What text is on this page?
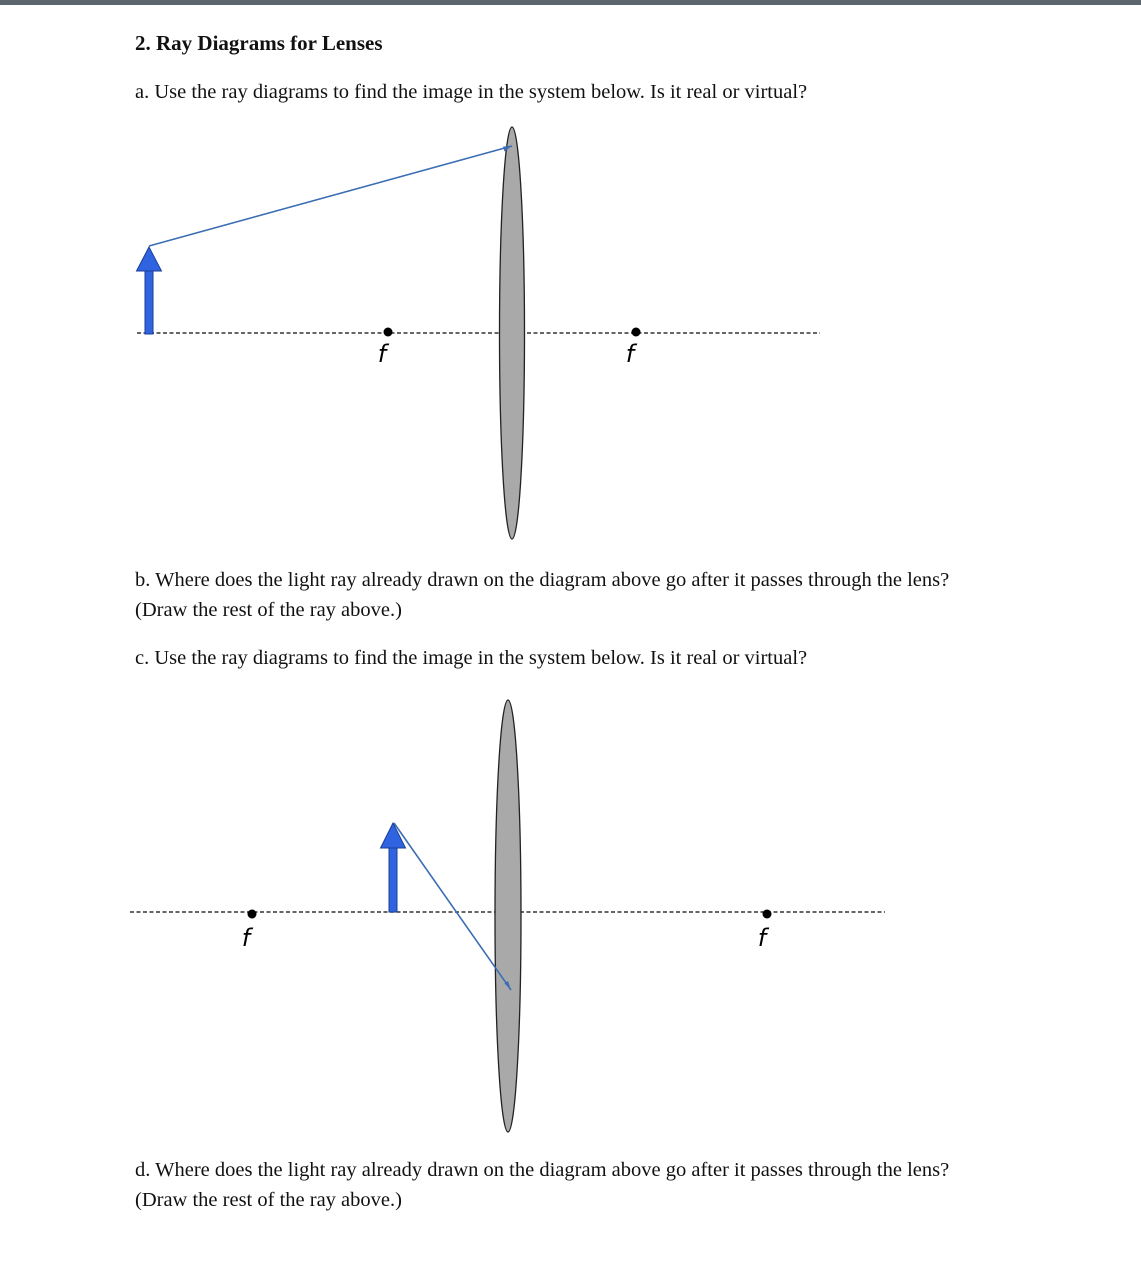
2. Ray Diagrams for Lenses
a. Use the ray diagrams to find the image in the system below. Is it real or virtual?
f	f
b. Where does the light ray already drawn on the diagram above go after it passes through the lens? (Draw the rest of the ray above.)
c. Use the ray diagrams to find the image in the system below. Is it real or virtual?
f	f
d. Where does the light ray already drawn on the diagram above go after it passes through the lens? (Draw the rest of the ray above.)
